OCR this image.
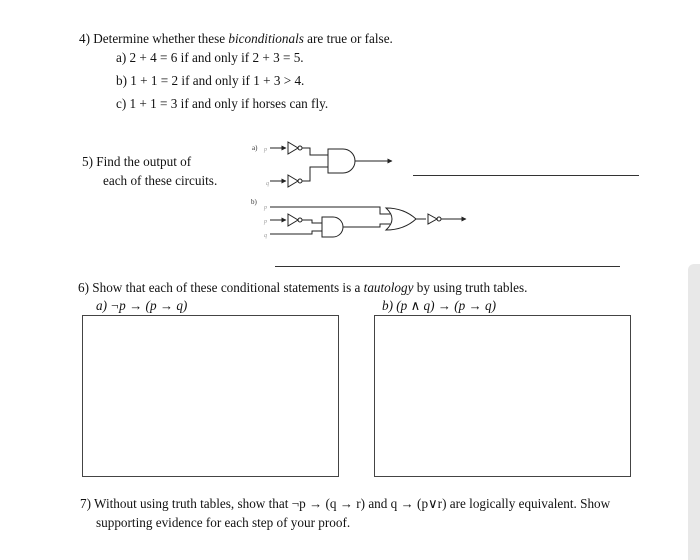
4) Determine whether these biconditionals are true or false.
a) 2 + 4 = 6 if and only if 2 + 3 = 5.
b) 1 + 1 = 2 if and only if 1 + 3 > 4.
c) 1 + 1 = 3 if and only if horses can fly.
5) Find the output of
each of these circuits.
a) p
q
b)
p
p
q
6) Show that each of these conditional statements is a tautology by using truth tables.
a) ¬p → (p → q)	b) (p ∧ q) → (p → q)
7) Without using truth tables, show that ¬p → (q → r) and q → (p∨r) are logically equivalent. Show
supporting evidence for each step of your proof.
